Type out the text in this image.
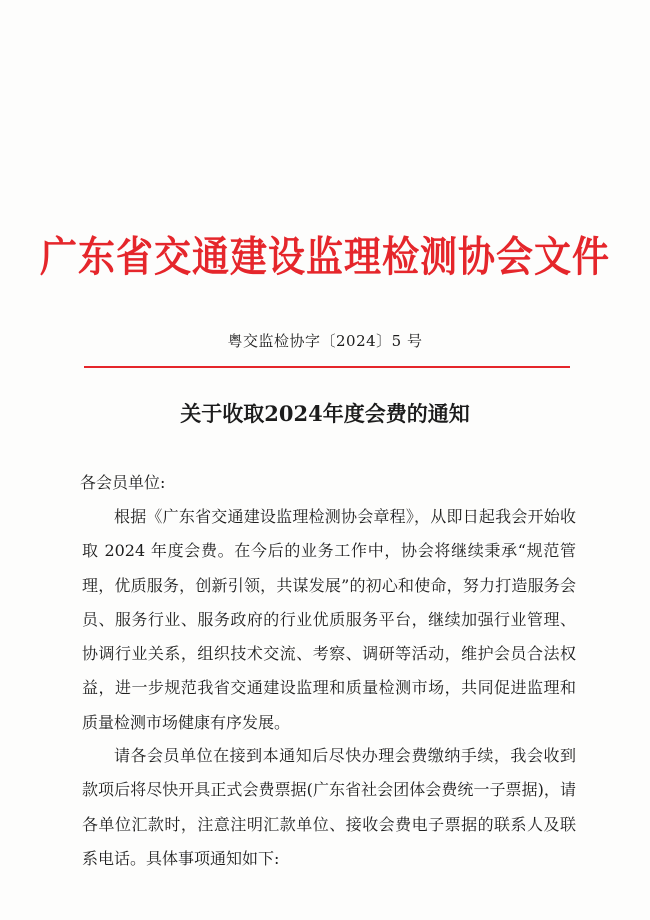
广东省交通建设监理检测协会文件
粤交监检协字〔2024〕5 号
关于收取2024年度会费的通知
各会员单位:

根据《广东省交通建设监理检测协会章程》，从即日起我会开始收取 2024 年度会费。在今后的业务工作中，协会将继续秉承“规范管理，优质服务，创新引领，共谋发展”的初心和使命，努力打造服务会员、服务行业、服务政府的行业优质服务平台，继续加强行业管理、协调行业关系，组织技术交流、考察、调研等活动，维护会员合法权益，进一步规范我省交通建设监理和质量检测市场，共同促进监理和质量检测市场健康有序发展。

请各会员单位在接到本通知后尽快办理会费缴纳手续，我会收到款项后将尽快开具正式会费票据(广东省社会团体会费统一子票据)，请各单位汇款时，注意注明汇款单位、接收会费电子票据的联系人及联系电话。具体事项通知如下:
